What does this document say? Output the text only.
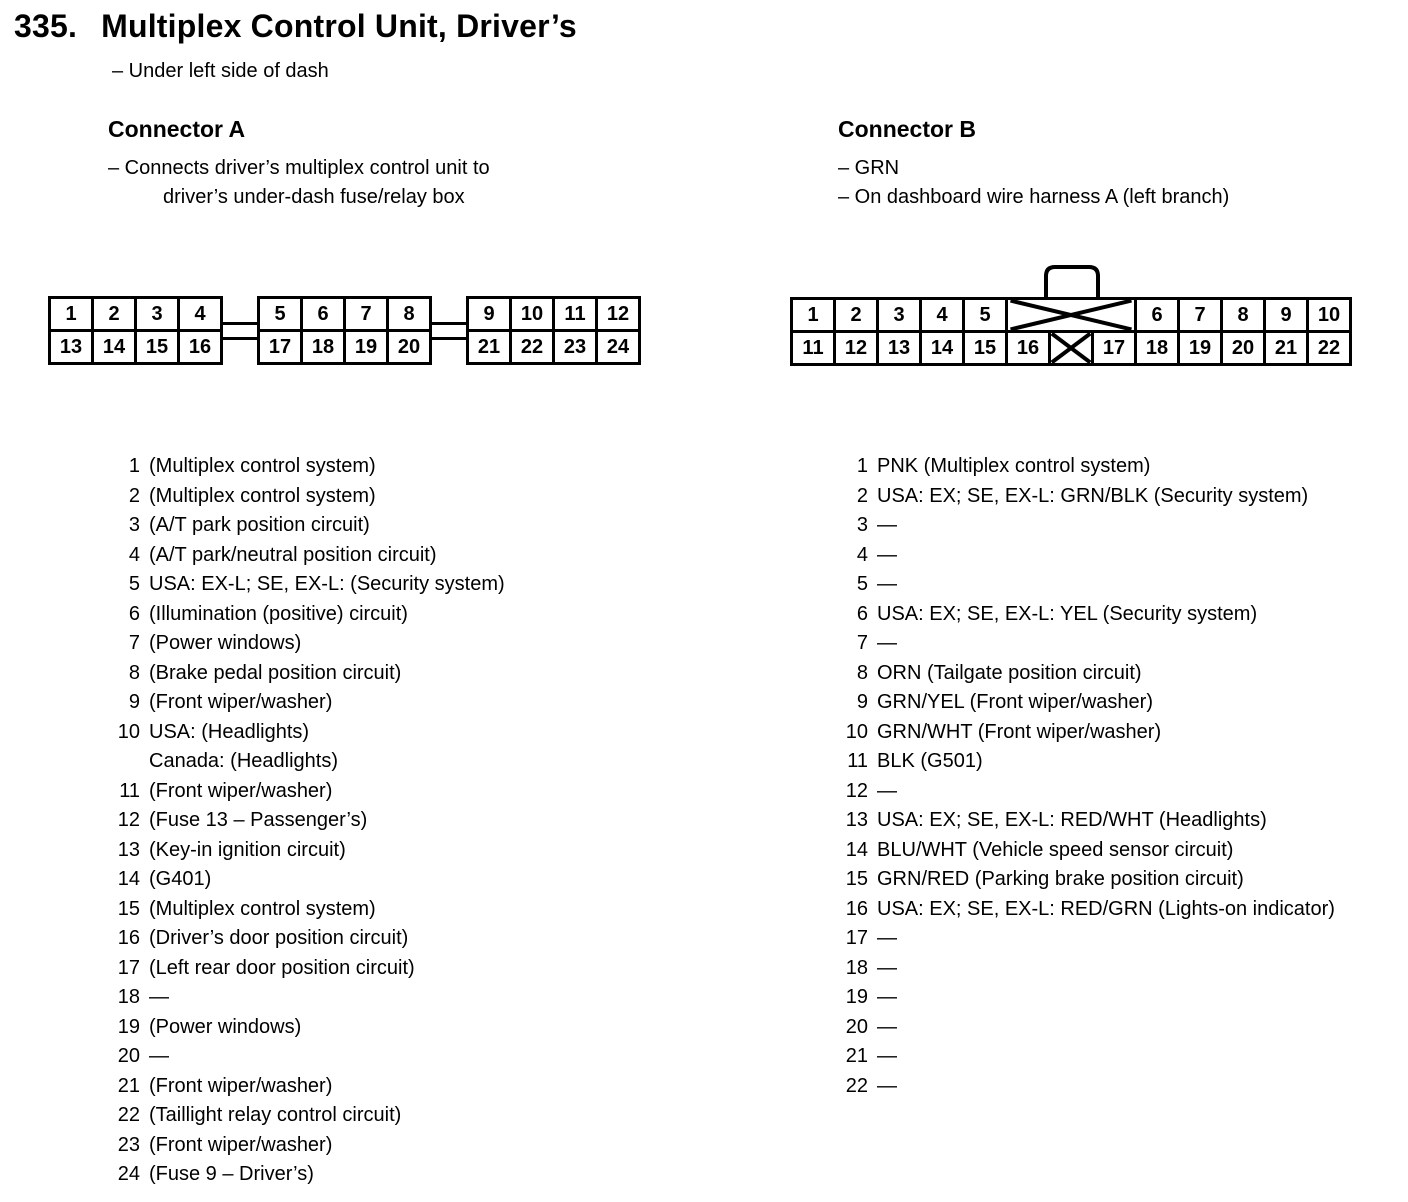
335. Multiplex Control Unit, Driver’s
– Under left side of dash
Connector A
– Connects driver’s multiplex control unit to
driver’s under-dash fuse/relay box
Connector B
– GRN
– On dashboard wire harness A (left branch)
1	2	3	4
13	14	15	16
5	6	7	8
17	18	19	20
9	10	11	12
21	22	23	24
1	2	3	4	5	6	7	8	9	10
11	12	13	14	15	16	17	18	19	20	21	22
1 (Multiplex control system)
2 (Multiplex control system)
3 (A/T park position circuit)
4 (A/T park/neutral position circuit)
5 USA: EX-L; SE, EX-L: (Security system)
6 (Illumination (positive) circuit)
7 (Power windows)
8 (Brake pedal position circuit)
9 (Front wiper/washer)
10 USA: (Headlights)
Canada: (Headlights)
11 (Front wiper/washer)
12 (Fuse 13 – Passenger’s)
13 (Key-in ignition circuit)
14 (G401)
15 (Multiplex control system)
16 (Driver’s door position circuit)
17 (Left rear door position circuit)
18 —
19 (Power windows)
20 —
21 (Front wiper/washer)
22 (Taillight relay control circuit)
23 (Front wiper/washer)
24 (Fuse 9 – Driver’s)
1 PNK (Multiplex control system)
2 USA: EX; SE, EX-L: GRN/BLK (Security system)
3 —
4 —
5 —
6 USA: EX; SE, EX-L: YEL (Security system)
7 —
8 ORN (Tailgate position circuit)
9 GRN/YEL (Front wiper/washer)
10 GRN/WHT (Front wiper/washer)
11 BLK (G501)
12 —
13 USA: EX; SE, EX-L: RED/WHT (Headlights)
14 BLU/WHT (Vehicle speed sensor circuit)
15 GRN/RED (Parking brake position circuit)
16 USA: EX; SE, EX-L: RED/GRN (Lights-on indicator)
17 —
18 —
19 —
20 —
21 —
22 —
